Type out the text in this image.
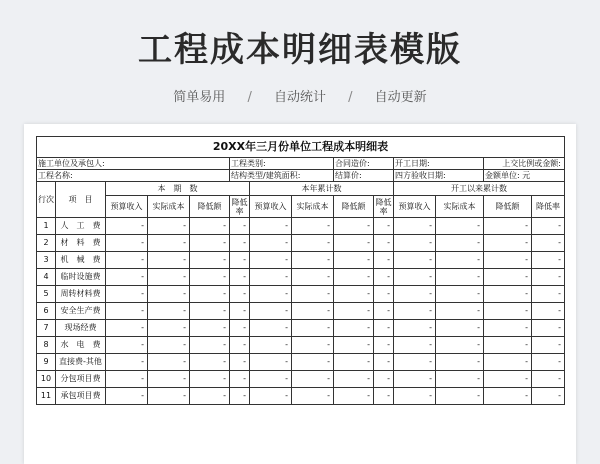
工程成本明细表模版
简单易用 / 自动统计 / 自动更新
20XX年三月份单位工程成本明细表													
施工单位及承包人:					工程类别:			合同造价:		开工日期:		上交比例或金额:	
工程名称:					结构类型/建筑面积:			结算价:		四方验收日期:		金额单位: 元	
行次	项　目	本　期　数				本年累计数				开工以来累计数			
		预算收入	实际成本	降低额	降低率	预算收入	实际成本	降低额	降低率	预算收入	实际成本	降低额	降低率
1	人　工　费	-	-	-	-	-	-	-	-	-	-	-	-
2	材　料　费	-	-	-	-	-	-	-	-	-	-	-	-
3	机　械　费	-	-	-	-	-	-	-	-	-	-	-	-
4	临时设施费	-	-	-	-	-	-	-	-	-	-	-	-
5	周转材料费	-	-	-	-	-	-	-	-	-	-	-	-
6	安全生产费	-	-	-	-	-	-	-	-	-	-	-	-
7	现场经费	-	-	-	-	-	-	-	-	-	-	-	-
8	水　电　费	-	-	-	-	-	-	-	-	-	-	-	-
9	直接费-其他	-	-	-	-	-	-	-	-	-	-	-	-
10	分包项目费	-	-	-	-	-	-	-	-	-	-	-	-
11	承包项目费	-	-	-	-	-	-	-	-	-	-	-	-
